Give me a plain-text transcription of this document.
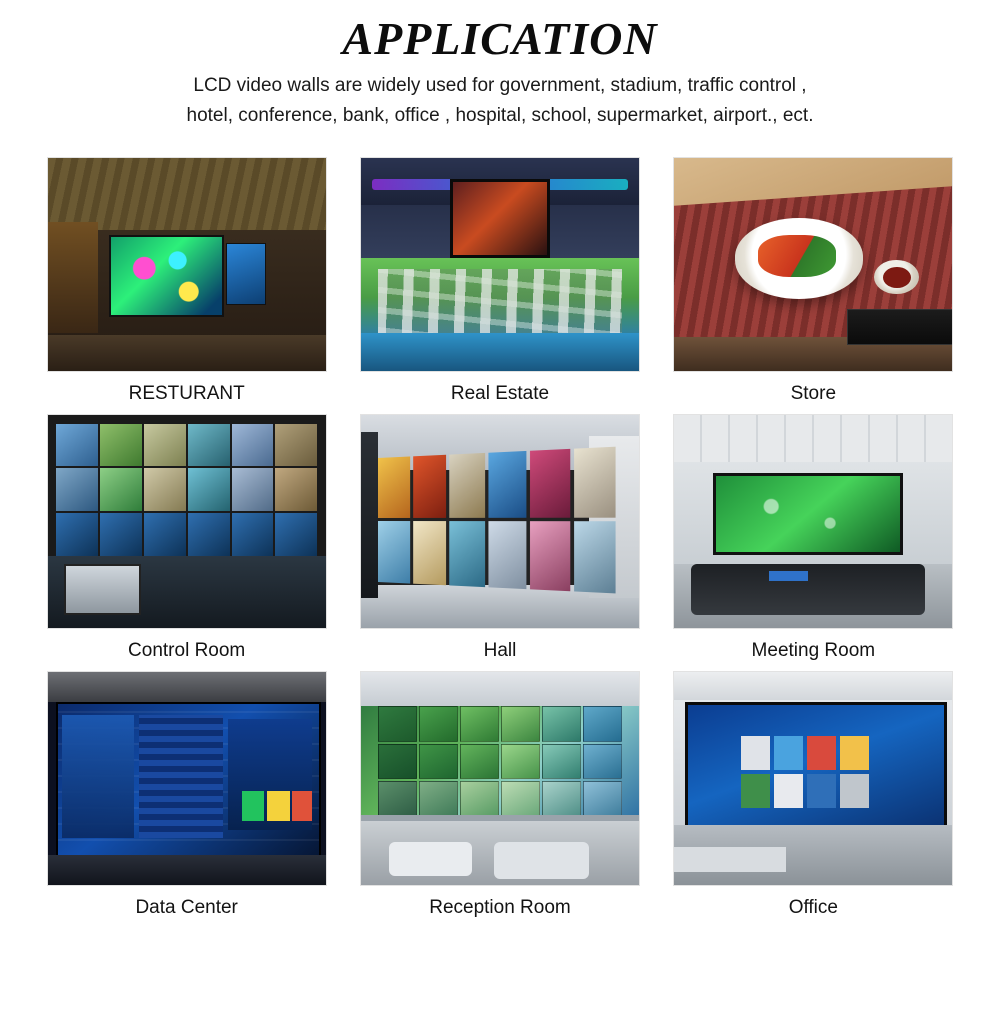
APPLICATION
LCD video walls are widely used for government, stadium, traffic control ,
hotel, conference, bank, office , hospital, school, supermarket, airport., ect.
RESTURANT	Real Estate	Store
Control Room	Hall	Meeting Room
Data Center	Reception Room	Office
